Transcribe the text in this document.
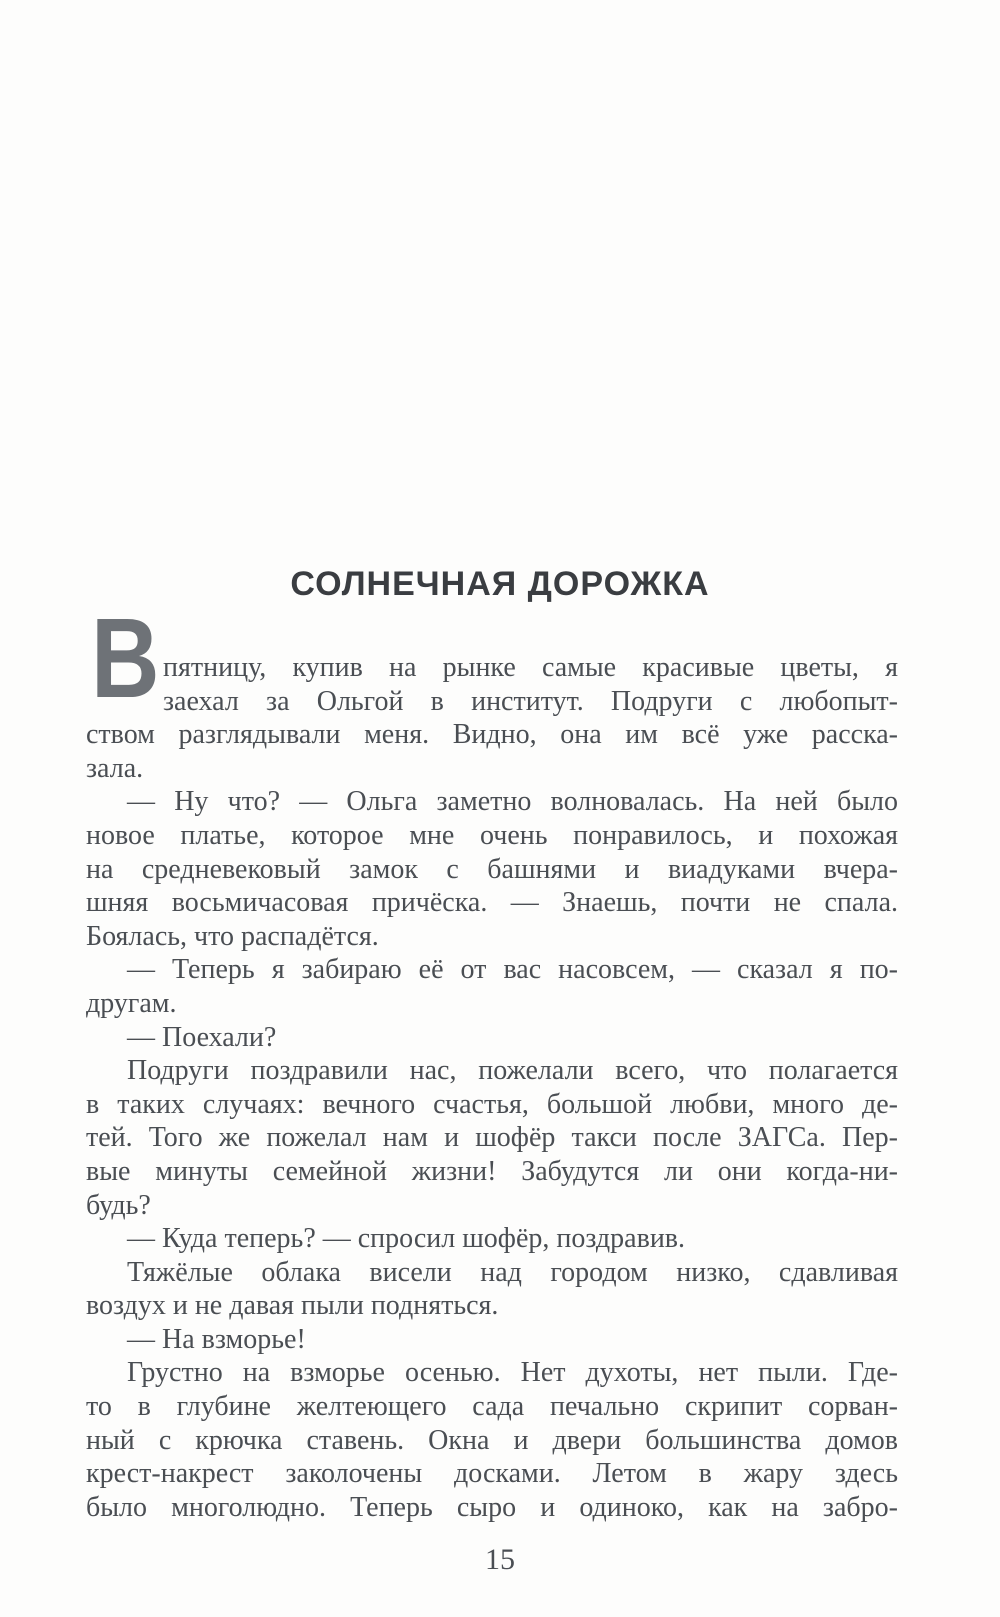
СОЛНЕЧНАЯ ДОРОЖКА
В пятницу, купив на рынке самые красивые цветы, я
заехал за Ольгой в институт. Подруги с любопыт-
ством разглядывали меня. Видно, она им всё уже расска-
зала.
— Ну что? — Ольга заметно волновалась. На ней было
новое платье, которое мне очень понравилось, и похожая
на средневековый замок с башнями и виадуками вчера-
шняя восьмичасовая причёска. — Знаешь, почти не спала.
Боялась, что распадётся.
— Теперь я забираю её от вас насовсем, — сказал я по-
другам.
— Поехали?
Подруги поздравили нас, пожелали всего, что полагается
в таких случаях: вечного счастья, большой любви, много де-
тей. Того же пожелал нам и шофёр такси после ЗАГСа. Пер-
вые минуты семейной жизни! Забудутся ли они когда-ни-
будь?
— Куда теперь? — спросил шофёр, поздравив.
Тяжёлые облака висели над городом низко, сдавливая
воздух и не давая пыли подняться.
— На взморье!
Грустно на взморье осенью. Нет духоты, нет пыли. Где-
то в глубине желтеющего сада печально скрипит сорван-
ный с крючка ставень. Окна и двери большинства домов
крест-накрест заколочены досками. Летом в жару здесь
было многолюдно. Теперь сыро и одиноко, как на забро-
15
